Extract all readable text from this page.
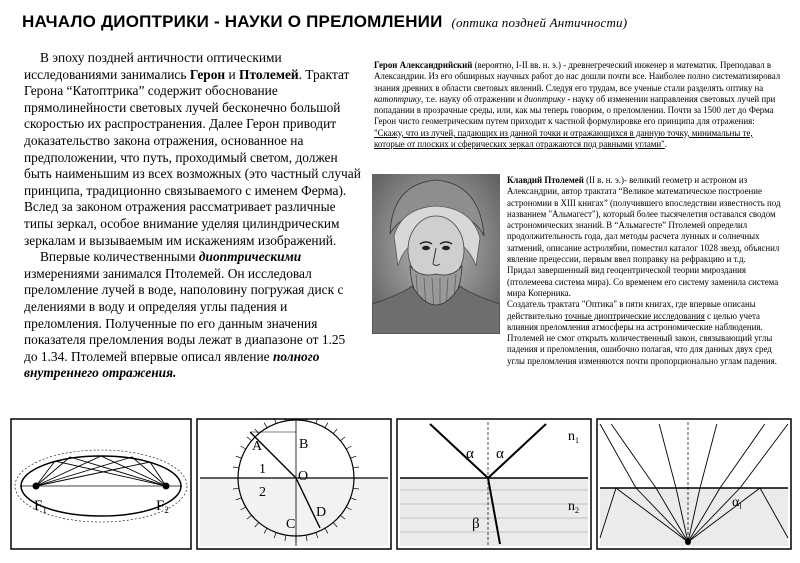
НАЧАЛО ДИОПТРИКИ - НАУКИ О ПРЕЛОМЛЕНИИ (оптика поздней Античности)

В эпоху поздней античности оптическими исследованиями занимались Герон и Птолемей. Трактат Герона “Катоптрика” содержит обоснование прямолинейности световых лучей бесконечно большой скоростью их распространения. Далее Герон приводит доказательство закона отражения, основанное на предположении, что путь, проходимый светом, должен быть наименьшим из всех возможных (это частный случай принципа, традиционно связываемого с именем Ферма). Вслед за законом отражения рассматривает различные типы зеркал, особое внимание уделяя цилиндрическим зеркалам и вызываемым им искажениям изображений.

Впервые количественными диоптрическими измерениями занимался Птолемей. Он исследовал преломление лучей в воде, наполовину погружая диск с делениями в воду и определяя углы падения и преломления. Полученные по его данным значения показателя преломления воды лежат в диапазоне от 1.25 до 1.34. Птолемей впервые описал явление полного внутреннего отражения.

Герон Александрийский (вероятно, I-II вв. н. э.) - древнегреческий инженер и математик. Преподавал в Александрии. Из его обширных научных работ до нас дошли почти все. Наиболее полно систематизировал знания древних в области световых явлений. Следуя его трудам, все ученые стали разделять оптику на катоптрику, т.е. науку об отражении и диоптрику - науку об изменении направления световых лучей при попадании в прозрачные среды, или, как мы теперь говорим, о преломлении. Почти за 1500 лет до Ферма Герон чисто геометрическим путем приходит к частной формулировке его принципа для отражения: "Скажу, что из лучей, падающих из данной точки и отражающихся в данную точку, минимальны те, которые от плоских и сферических зеркал отражаются под равными углами".

Клавдий Птолемей (II в. н. э.)- великий геометр и астроном из Александрии, автор трактата “Великое математическое построение астрономии в XIII книгах” (получившего впоследствии известность под названием "Альмагест"), который более тысячелетия оставался сводом астрономических знаний. В “Альмагесте” Птолемей определил продолжительность года, дал методы расчета лунных и солнечных затмений, описание астролябии, поместил каталог 1028 звезд, объяснил явление прецессии, первым ввел поправку на рефракцию и т.д.

Придал завершенный вид геоцентрической теории мироздания (птолемеева система мира). Со временем его систему заменила система мира Коперника.

Создатель трактата "Оптика" в пяти книгах, где впервые описаны действительно точные диоптрические исследования с целью учета влияния преломления атмосферы на астрономические наблюдения. Птолемей не смог открыть количественный закон, связывающий углы падения и преломления, ошибочно полагая, что для данных двух сред углы преломления изменяются почти пропорционально углам падения.

$F_1$	$F_2$
A	B
O
1
2
C
D
α α
β
$n_1$
$n_2$
$\alpha_l$
